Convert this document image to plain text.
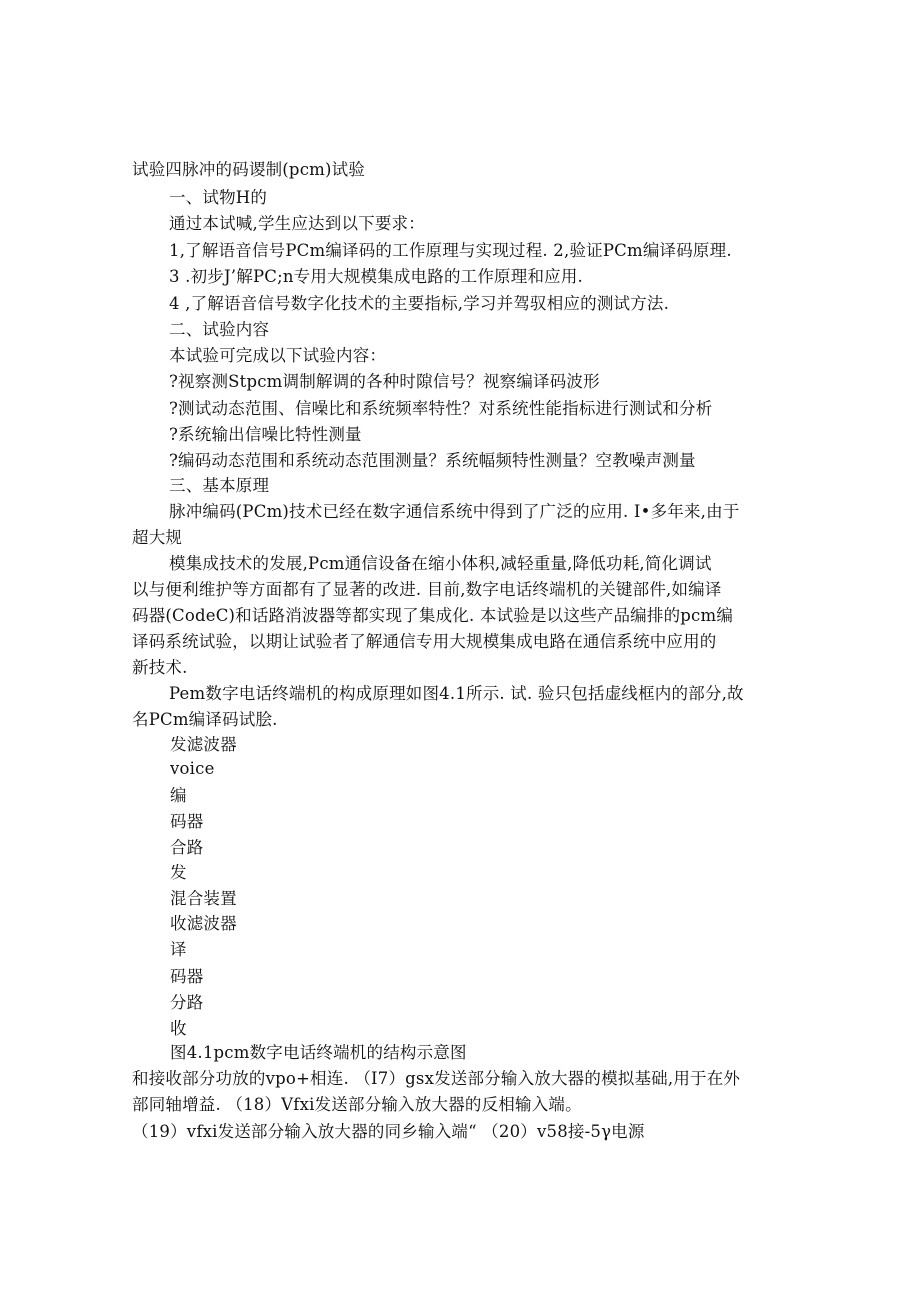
试验四脉冲的码谡制(pcm)试验
一、试物H的
通过本试喊,学生应达到以下要求：
1,了解语音信号PCm编译码的工作原理与实现过程. 2,验证PCm编译码原理.
3 .初步J’解PC;n专用大规模集成电路的工作原理和应用.
4 ,了解语音信号数字化技术的主要指标,学习并驾驭相应的测试方法.
二、试验内容
本试验可完成以下试验内容：
?视察测Stpcm调制解调的各种时隙信号？视察编译码波形
?测试动态范围、信噪比和系统频率特性？对系统性能指标进行测试和分析
?系统输出信噪比特性测量
?编码动态范围和系统动态范围测量？系统幅频特性测量？空教噪声测量
三、基本原理
脉冲编码(PCm)技术已经在数字通信系统中得到了广泛的应用. I•多年来,由于
超大规
模集成技术的发展,Pcm通信设备在缩小体积,减轻重量,降低功耗,简化调试
以与便利维护等方面都有了显著的改进. 目前,数字电话终端机的关键部件,如编译
码器(CodeC)和话路消波器等都实现了集成化. 本试验是以这些产品编排的pcm编
译码系统试验，以期让试验者了解通信专用大规模集成电路在通信系统中应用的
新技术.
Pem数字电话终端机的构成原理如图4.1所示. 试. 验只包括虚线框内的部分,故
名PCm编译码试脍.
发滤波器
voice
编
码器
合路
发
混合装置
收滤波器
译
码器
分路
收
图4.1pcm数字电话终端机的结构示意图
和接收部分功放的vpo+相连. （I7）gsx发送部分输入放大器的模拟基础,用于在外
部同轴增益. （18）Vfxi发送部分输入放大器的反相输入端。
（19）vfxi发送部分输入放大器的同乡输入端“ （20）v58接-5γ电源
